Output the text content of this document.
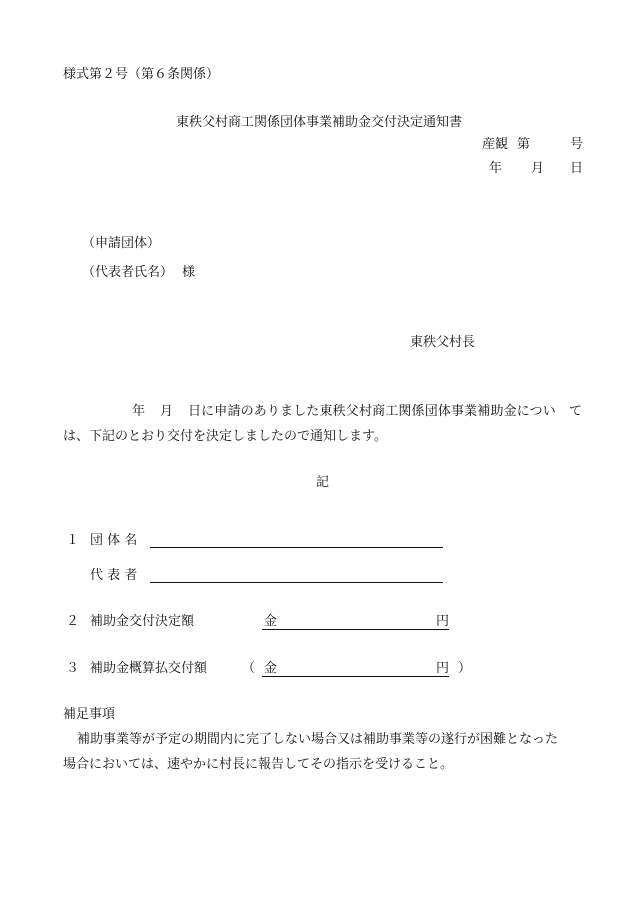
様式第２号（第６条関係）
東秩父村商工関係団体事業補助金交付決定通知書
産観 第	号
年 月 日
（申請団体）
（代表者氏名） 様
東秩父村長
年 月 日に申請のありました東秩父村商工関係団体事業補助金につい　て
は、下記のとおり交付を決定しましたので通知します。
記
１ 団 体 名
代 表 者
２ 補助金交付決定額	金	円
３ 補助金概算払交付額	（ 金	円 ）
補足事項
補助事業等が予定の期間内に完了しない場合又は補助事業等の遂行が困難となった
場合においては、速やかに村長に報告してその指示を受けること。
